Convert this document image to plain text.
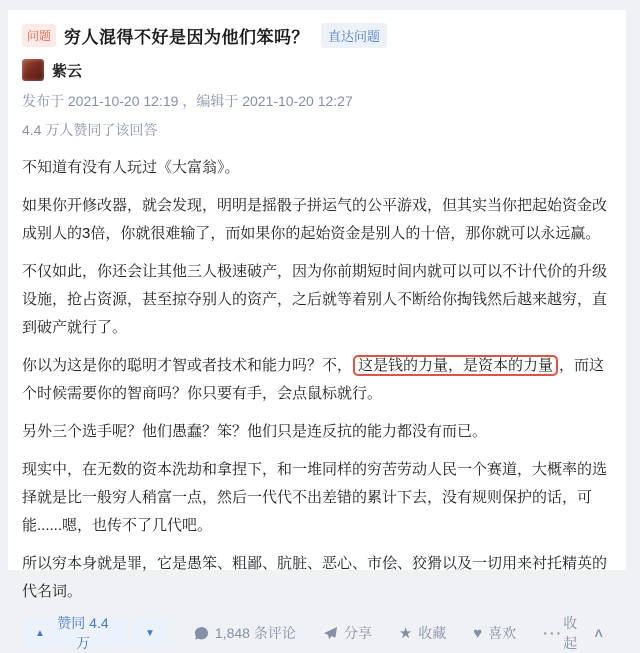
问题 穷人混得不好是因为他们笨吗？	直达问题
紫云
发布于 2021-10-20 12:19 ，编辑于 2021-10-20 12:27
4.4 万人赞同了该回答

不知道有没有人玩过《大富翁》。

如果你开修改器，就会发现，明明是摇骰子拼运气的公平游戏，但其实当你把起始资金改成别人的3倍，你就很难输了，而如果你的起始资金是别人的十倍，那你就可以永远赢。

不仅如此，你还会让其他三人极速破产，因为你前期短时间内就可以可以不计代价的升级设施，抢占资源，甚至掠夺别人的资产，之后就等着别人不断给你掏钱然后越来越穷，直到破产就行了。

你以为这是你的聪明才智或者技术和能力吗？不， 这是钱的力量，是资本的力量 ，而这个时候需要你的智商吗？你只要有手，会点鼠标就行。

另外三个选手呢？他们愚蠢？笨？他们只是连反抗的能力都没有而已。

现实中，在无数的资本洗劫和拿捏下，和一堆同样的穷苦劳动人民一个赛道，大概率的选择就是比一般穷人稍富一点，然后一代代不出差错的累计下去，没有规则保护的话，可能......嗯，也传不了几代吧。

所以穷本身就是罪，它是愚笨、粗鄙、肮脏、恶心、市侩、狡猾以及一切用来衬托精英的代名词。

▲
赞同 4.4 万
▼	1,848 条评论	分享 ★ 收藏 ♥ 喜欢 ···
收起
∧
